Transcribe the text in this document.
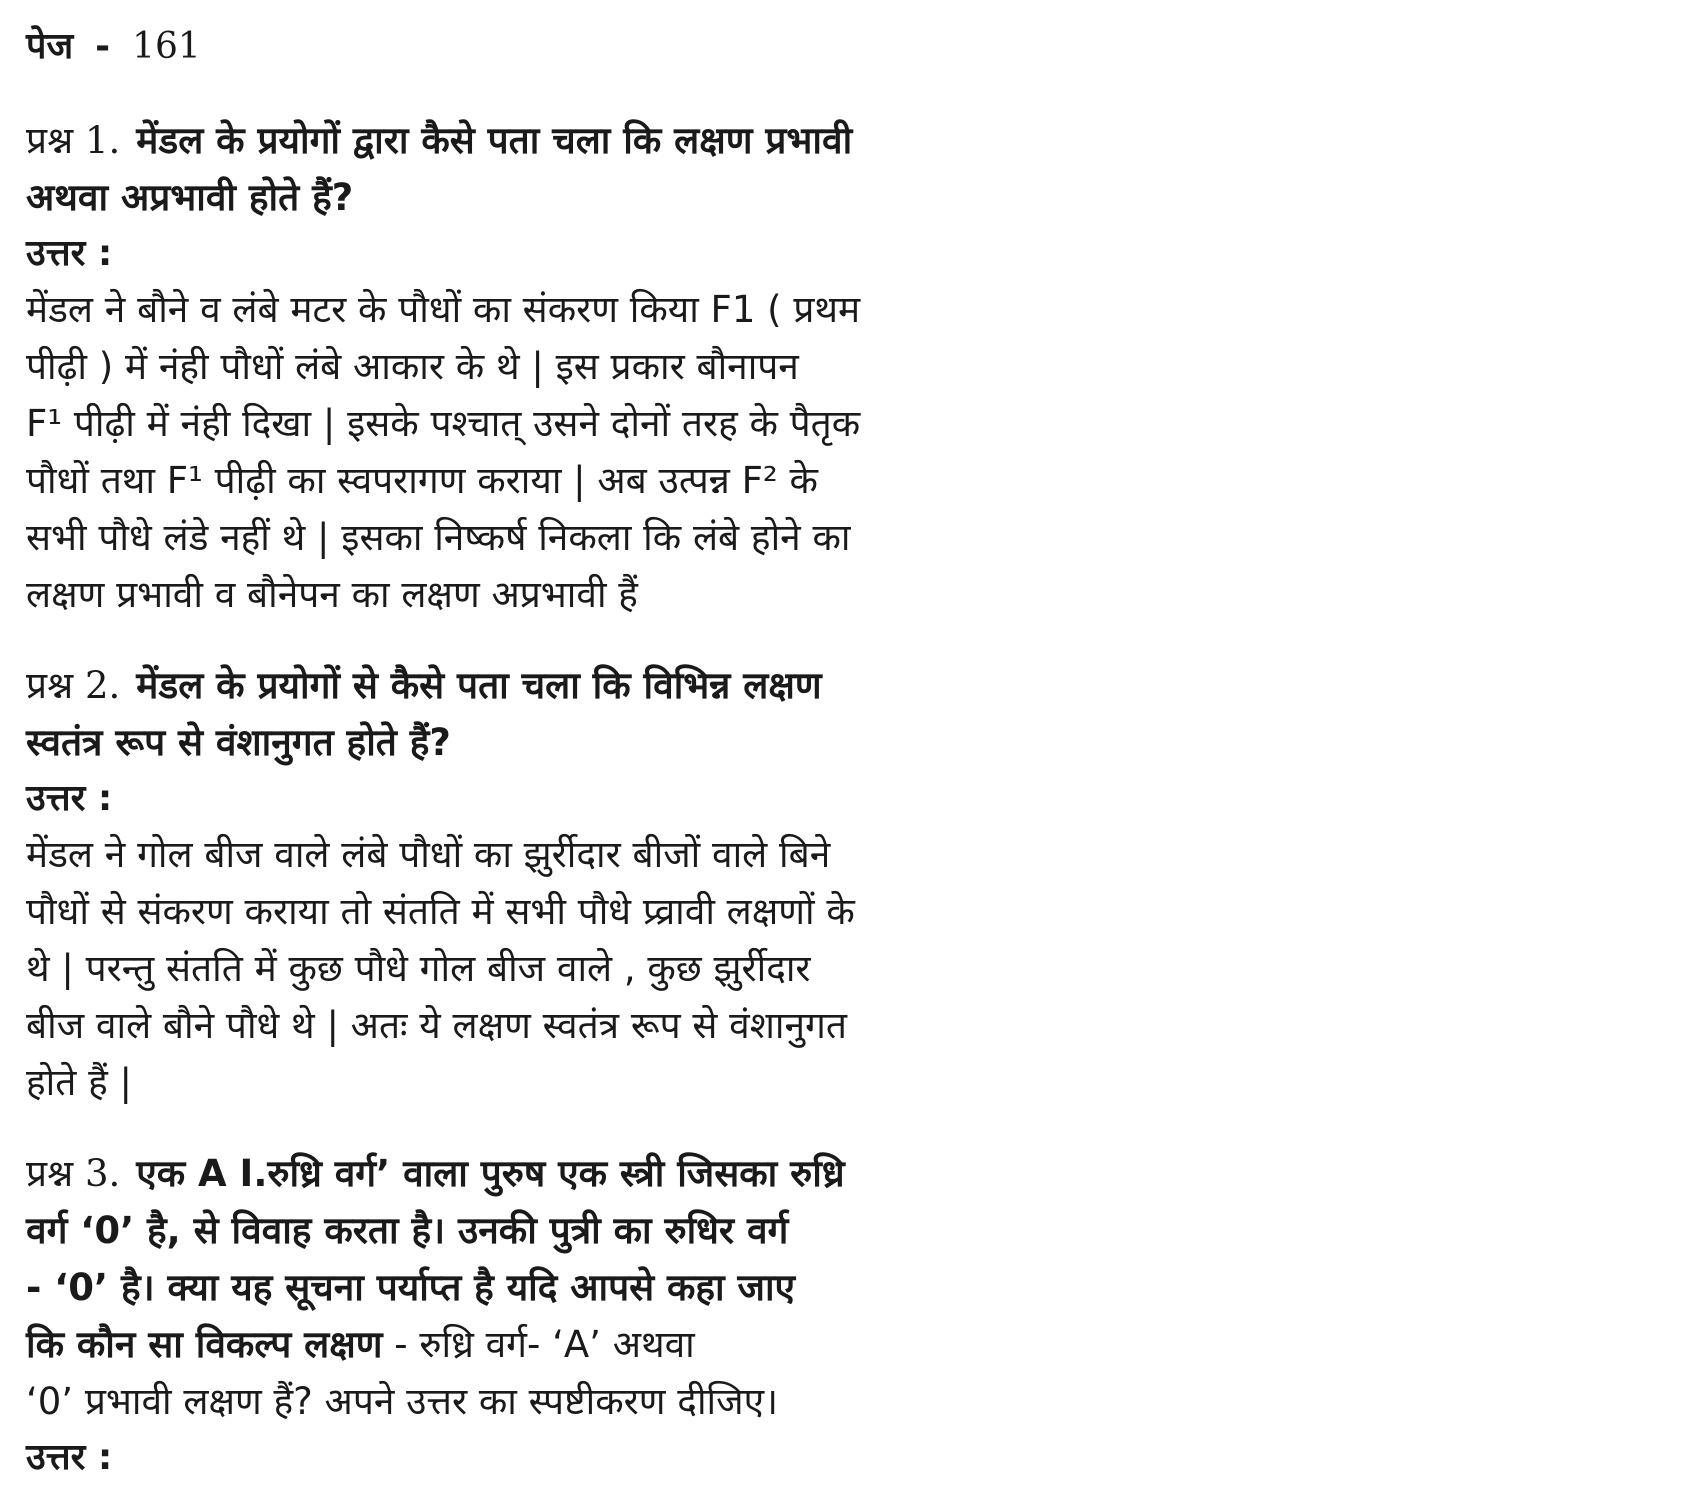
पेज - 161
प्रश्न 1. मेंडल के प्रयोगों द्वारा कैसे पता चला कि लक्षण प्रभावी
अथवा अप्रभावी होते हैं?
उत्तर :
मेंडल ने बौने व लंबे मटर के पौधों का संकरण किया F1 ( प्रथम
पीढ़ी ) में नंही पौधों लंबे आकार के थे | इस प्रकार बौनापन
F¹ पीढ़ी में नंही दिखा | इसके पश्चात् उसने दोनों तरह के पैतृक
पौधों तथा F¹ पीढ़ी का स्वपरागण कराया | अब उत्पन्न F² के
सभी पौधे लंडे नहीं थे | इसका निष्कर्ष निकला कि लंबे होने का
लक्षण प्रभावी व बौनेपन का लक्षण अप्रभावी हैं
प्रश्न 2. मेंडल के प्रयोगों से कैसे पता चला कि विभिन्न लक्षण
स्वतंत्र रूप से वंशानुगत होते हैं?
उत्तर :
मेंडल ने गोल बीज वाले लंबे पौधों का झुर्रीदार बीजों वाले बिने
पौधों से संकरण कराया तो संतति में सभी पौधे प्र्व्रावी लक्षणों के
थे | परन्तु संतति में कुछ पौधे गोल बीज वाले , कुछ झुर्रीदार
बीज वाले बौने पौधे थे | अतः ये लक्षण स्वतंत्र रूप से वंशानुगत
होते हैं |
प्रश्न 3. एक A I.रुध्रि वर्ग’ वाला पुरुष एक स्त्री जिसका रुध्रि
वर्ग ‘0’ है, से विवाह करता है। उनकी पुत्री का रुधिर वर्ग
- ‘0’ है। क्या यह सूचना पर्याप्त है यदि आपसे कहा जाए
कि कौन सा विकल्प लक्षण - रुध्रि वर्ग- ‘A’ अथवा
‘0’ प्रभावी लक्षण हैं? अपने उत्तर का स्पष्टीकरण दीजिए।
उत्तर :
